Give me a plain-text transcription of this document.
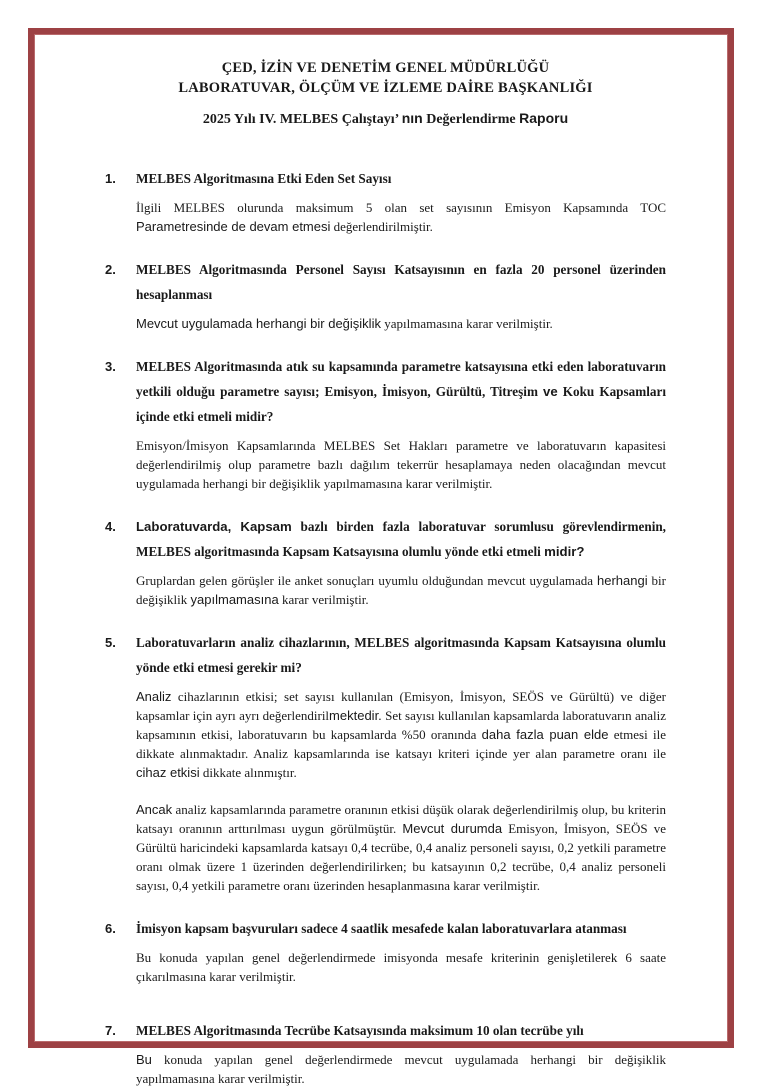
ÇED, İZİN VE DENETİM GENEL MÜDÜRLÜĞÜ
LABORATUVAR, ÖLÇÜM VE İZLEME DAİRE BAŞKANLIĞI
2025 Yılı IV. MELBES Çalıştayı’ nın Değerlendirme Raporu
1.	MELBES Algoritmasına Etki Eden Set Sayısı

İlgili MELBES olurunda maksimum 5 olan set sayısının Emisyon Kapsamında TOC Parametresinde de devam etmesi değerlendirilmiştir.

2.	MELBES Algoritmasında Personel Sayısı Katsayısının en fazla 20 personel üzerinden hesaplanması

Mevcut uygulamada herhangi bir değişiklik yapılmamasına karar verilmiştir.

3.	MELBES Algoritmasında atık su kapsamında parametre katsayısına etki eden laboratuvarın yetkili olduğu parametre sayısı; Emisyon, İmisyon, Gürültü, Titreşim ve Koku Kapsamları içinde etki etmeli midir?

Emisyon/İmisyon Kapsamlarında MELBES Set Hakları parametre ve laboratuvarın kapasitesi değerlendirilmiş olup parametre bazlı dağılım tekerrür hesaplamaya neden olacağından mevcut uygulamada herhangi bir değişiklik yapılmamasına karar verilmiştir.

4.	Laboratuvarda, Kapsam bazlı birden fazla laboratuvar sorumlusu görevlendirmenin, MELBES algoritmasında Kapsam Katsayısına olumlu yönde etki etmeli midir?

Gruplardan gelen görüşler ile anket sonuçları uyumlu olduğundan mevcut uygulamada herhangi bir değişiklik yapılmamasına karar verilmiştir.

5.	Laboratuvarların analiz cihazlarının, MELBES algoritmasında Kapsam Katsayısına olumlu yönde etki etmesi gerekir mi?

Analiz cihazlarının etkisi; set sayısı kullanılan (Emisyon, İmisyon, SEÖS ve Gürültü) ve diğer kapsamlar için ayrı ayrı değerlendirilmektedir. Set sayısı kullanılan kapsamlarda laboratuvarın analiz kapsamının etkisi, laboratuvarın bu kapsamlarda %50 oranında daha fazla puan elde etmesi ile dikkate alınmaktadır. Analiz kapsamlarında ise katsayı kriteri içinde yer alan parametre oranı ile cihaz etkisi dikkate alınmıştır.

Ancak analiz kapsamlarında parametre oranının etkisi düşük olarak değerlendirilmiş olup, bu kriterin katsayı oranının arttırılması uygun görülmüştür. Mevcut durumda Emisyon, İmisyon, SEÖS ve Gürültü haricindeki kapsamlarda katsayı 0,4 tecrübe, 0,4 analiz personeli sayısı, 0,2 yetkili parametre oranı olmak üzere 1 üzerinden değerlendirilirken; bu katsayının 0,2 tecrübe, 0,4 analiz personeli sayısı, 0,4 yetkili parametre oranı üzerinden hesaplanmasına karar verilmiştir.

6.	İmisyon kapsam başvuruları sadece 4 saatlik mesafede kalan laboratuvarlara atanması

Bu konuda yapılan genel değerlendirmede imisyonda mesafe kriterinin genişletilerek 6 saate çıkarılmasına karar verilmiştir.

7.	MELBES Algoritmasında Tecrübe Katsayısında maksimum 10 olan tecrübe yılı

Bu konuda yapılan genel değerlendirmede mevcut uygulamada herhangi bir değişiklik yapılmamasına karar verilmiştir.
